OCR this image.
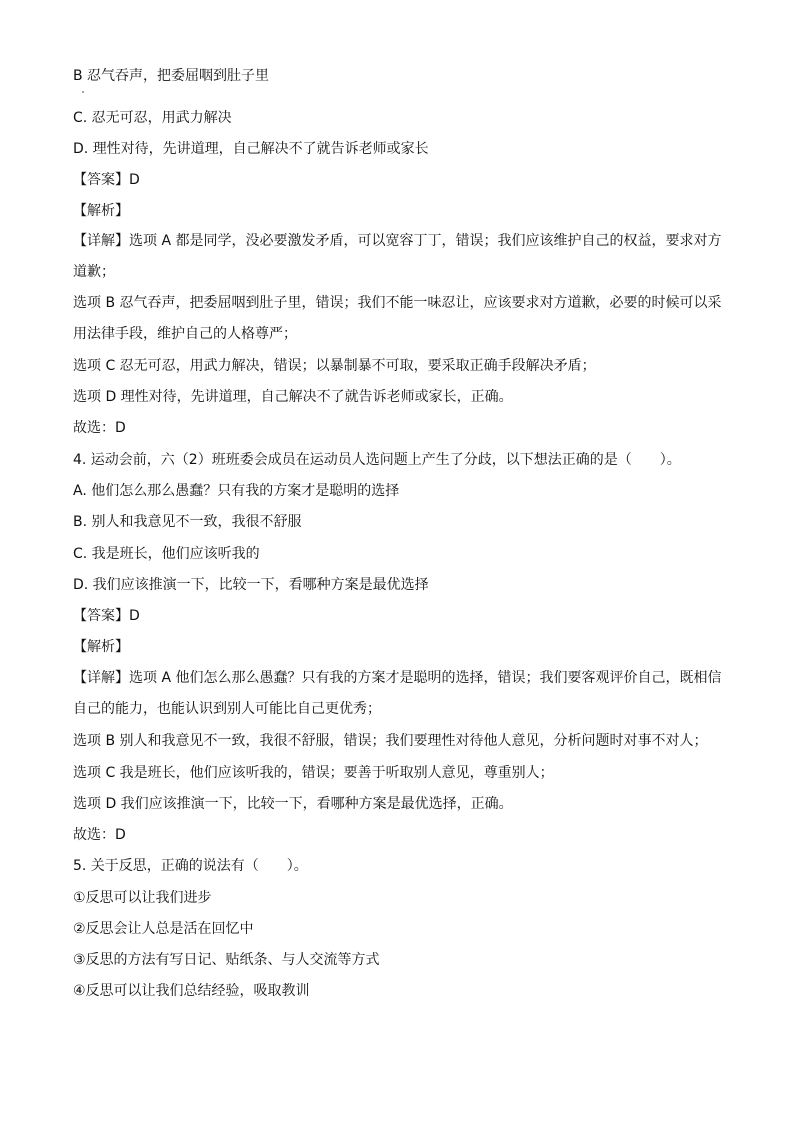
B 忍气吞声，把委屈咽到肚子里
C. 忍无可忍，用武力解决
D. 理性对待，先讲道理，自己解决不了就告诉老师或家长
【答案】D
【解析】
【详解】选项 A 都是同学，没必要激发矛盾，可以宽容丁丁，错误；我们应该维护自己的权益，要求对方道歉；
选项 B 忍气吞声，把委屈咽到肚子里，错误；我们不能一味忍让，应该要求对方道歉，必要的时候可以采用法律手段，维护自己的人格尊严；
选项 C 忍无可忍，用武力解决，错误；以暴制暴不可取，要采取正确手段解决矛盾；
选项 D 理性对待，先讲道理，自己解决不了就告诉老师或家长，正确。
故选：D
4. 运动会前，六（2）班班委会成员在运动员人选问题上产生了分歧，以下想法正确的是（　　）。
A. 他们怎么那么愚蠢？只有我的方案才是聪明的选择
B. 别人和我意见不一致，我很不舒服
C. 我是班长，他们应该听我的
D. 我们应该推演一下，比较一下，看哪种方案是最优选择
【答案】D
【解析】
【详解】选项 A 他们怎么那么愚蠢？只有我的方案才是聪明的选择，错误；我们要客观评价自己，既相信自己的能力，也能认识到别人可能比自己更优秀；
选项 B 别人和我意见不一致，我很不舒服，错误；我们要理性对待他人意见，分析问题时对事不对人；
选项 C 我是班长，他们应该听我的，错误；要善于听取别人意见，尊重别人；
选项 D 我们应该推演一下，比较一下，看哪种方案是最优选择，正确。
故选：D
5. 关于反思，正确的说法有（　　）。
①反思可以让我们进步
②反思会让人总是活在回忆中
③反思的方法有写日记、贴纸条、与人交流等方式
④反思可以让我们总结经验，吸取教训
